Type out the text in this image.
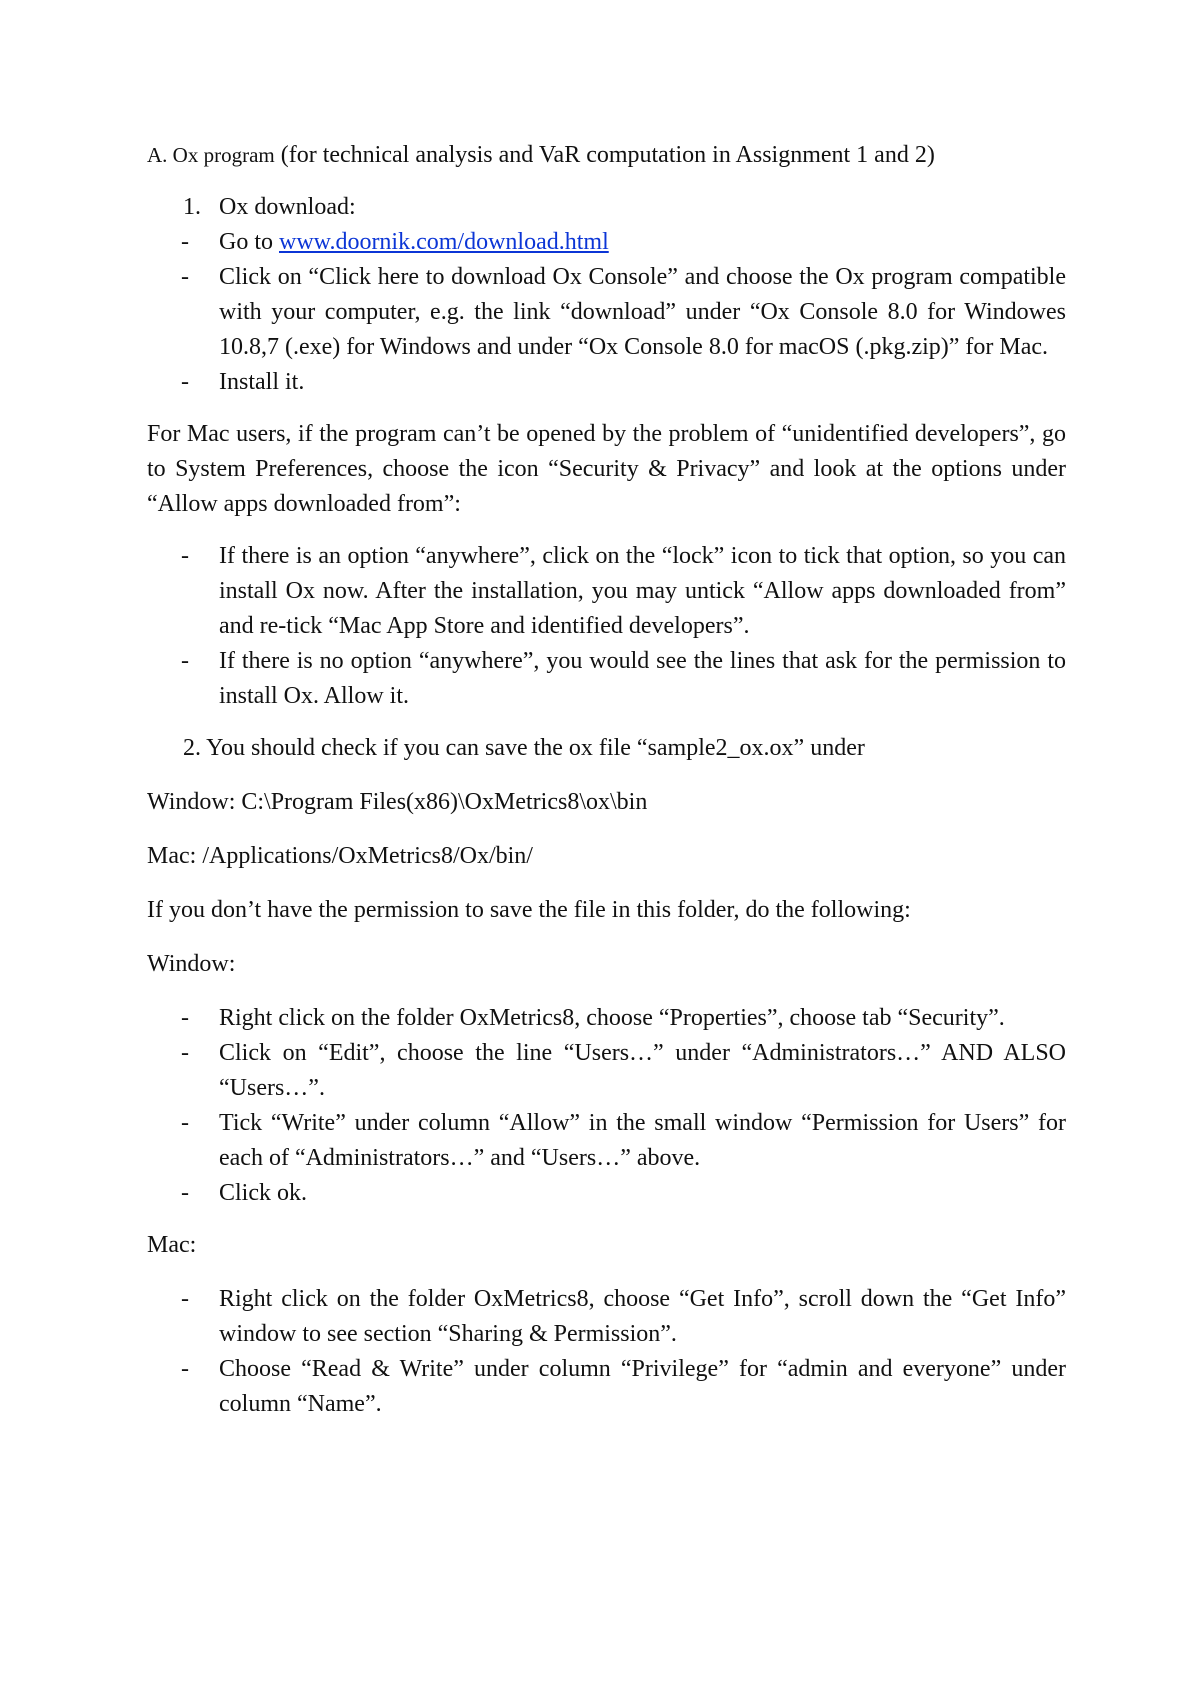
A. Ox program (for technical analysis and VaR computation in Assignment 1 and 2)

1. Ox download:
- Go to www.doornik.com/download.html
- Click on “Click here to download Ox Console” and choose the Ox program compatible with your computer, e.g. the link “download” under “Ox Console 8.0 for Windowes 10.8,7 (.exe) for Windows and under “Ox Console 8.0 for macOS (.pkg.zip)” for Mac.
- Install it.

For Mac users, if the program can’t be opened by the problem of “unidentified developers”, go to System Preferences, choose the icon “Security & Privacy” and look at the options under “Allow apps downloaded from”:

- If there is an option “anywhere”, click on the “lock” icon to tick that option, so you can install Ox now. After the installation, you may untick “Allow apps downloaded from” and re-tick “Mac App Store and identified developers”.
- If there is no option “anywhere”, you would see the lines that ask for the permission to install Ox. Allow it.

2. You should check if you can save the ox file “sample2_ox.ox” under

Window: C:\Program Files(x86)\OxMetrics8\ox\bin

Mac: /Applications/OxMetrics8/Ox/bin/

If you don’t have the permission to save the file in this folder, do the following:

Window:

- Right click on the folder OxMetrics8, choose “Properties”, choose tab “Security”.
- Click on “Edit”, choose the line “Users…” under “Administrators…” AND ALSO “Users…”.
- Tick “Write” under column “Allow” in the small window “Permission for Users” for each of “Administrators…” and “Users…” above.
- Click ok.

Mac:

- Right click on the folder OxMetrics8, choose “Get Info”, scroll down the “Get Info” window to see section “Sharing & Permission”.
- Choose “Read & Write” under column “Privilege” for “admin and everyone” under column “Name”.
